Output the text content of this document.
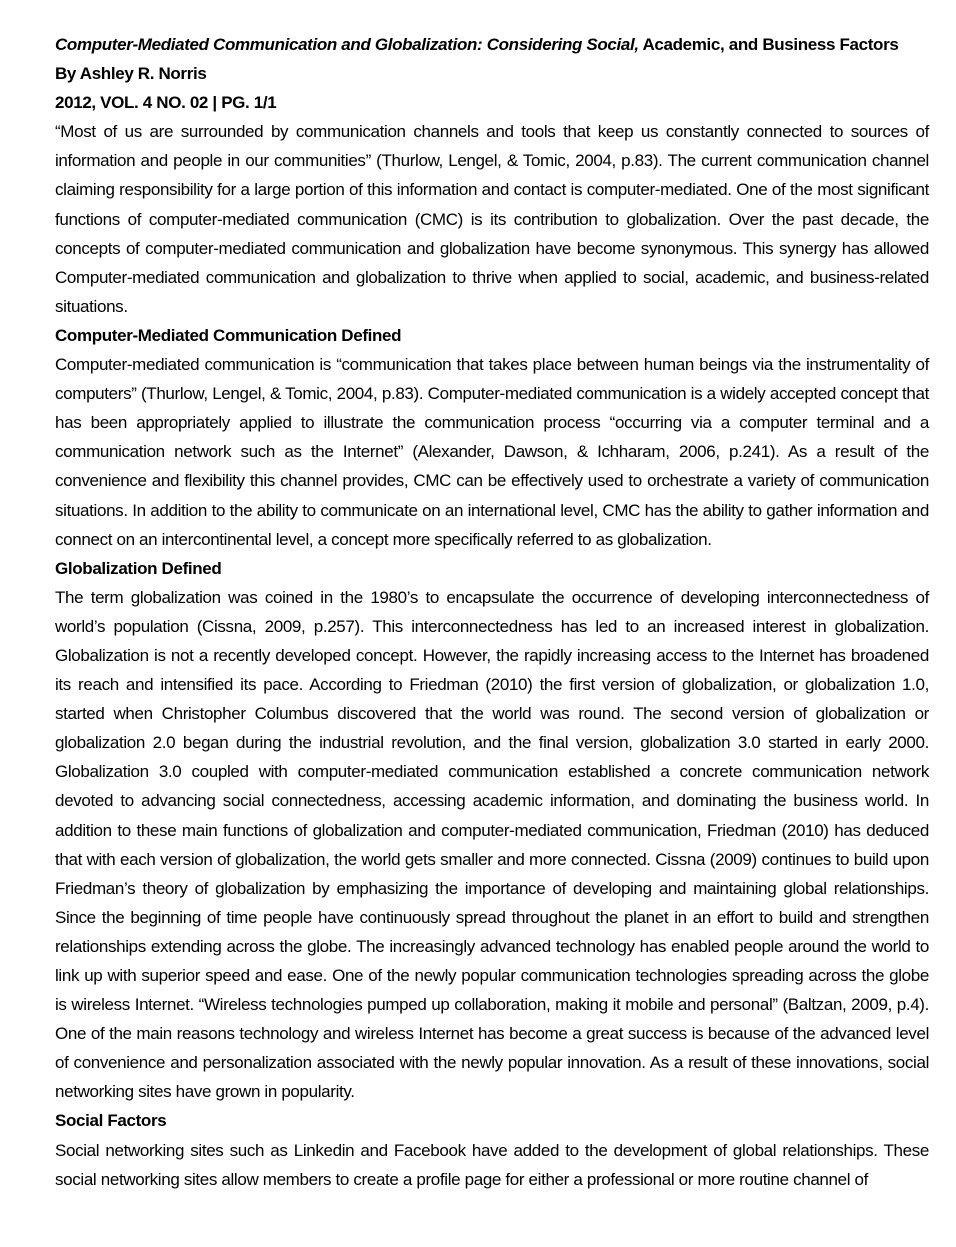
Computer-Mediated Communication and Globalization: Considering Social, Academic, and Business Factors

By Ashley R. Norris

2012, VOL. 4 NO. 02 | PG. 1/1

“Most of us are surrounded by communication channels and tools that keep us constantly connected to sources of information and people in our communities” (Thurlow, Lengel, & Tomic, 2004, p.83). The current communication channel claiming responsibility for a large portion of this information and contact is computer-mediated. One of the most significant functions of computer-mediated communication (CMC) is its contribution to globalization. Over the past decade, the concepts of computer-mediated communication and globalization have become synonymous. This synergy has allowed Computer-mediated communication and globalization to thrive when applied to social, academic, and business-related situations.

Computer-Mediated Communication Defined

Computer-mediated communication is “communication that takes place between human beings via the instrumentality of computers” (Thurlow, Lengel, & Tomic, 2004, p.83). Computer-mediated communication is a widely accepted concept that has been appropriately applied to illustrate the communication process “occurring via a computer terminal and a communication network such as the Internet” (Alexander, Dawson, & Ichharam, 2006, p.241). As a result of the convenience and flexibility this channel provides, CMC can be effectively used to orchestrate a variety of communication situations. In addition to the ability to communicate on an international level, CMC has the ability to gather information and connect on an intercontinental level, a concept more specifically referred to as globalization.

Globalization Defined

The term globalization was coined in the 1980’s to encapsulate the occurrence of developing interconnectedness of world’s population (Cissna, 2009, p.257). This interconnectedness has led to an increased interest in globalization. Globalization is not a recently developed concept. However, the rapidly increasing access to the Internet has broadened its reach and intensified its pace. According to Friedman (2010) the first version of globalization, or globalization 1.0, started when Christopher Columbus discovered that the world was round. The second version of globalization or globalization 2.0 began during the industrial revolution, and the final version, globalization 3.0 started in early 2000. Globalization 3.0 coupled with computer-mediated communication established a concrete communication network devoted to advancing social connectedness, accessing academic information, and dominating the business world. In addition to these main functions of globalization and computer-mediated communication, Friedman (2010) has deduced that with each version of globalization, the world gets smaller and more connected. Cissna (2009) continues to build upon Friedman’s theory of globalization by emphasizing the importance of developing and maintaining global relationships. Since the beginning of time people have continuously spread throughout the planet in an effort to build and strengthen relationships extending across the globe. The increasingly advanced technology has enabled people around the world to link up with superior speed and ease. One of the newly popular communication technologies spreading across the globe is wireless Internet. “Wireless technologies pumped up collaboration, making it mobile and personal” (Baltzan, 2009, p.4). One of the main reasons technology and wireless Internet has become a great success is because of the advanced level of convenience and personalization associated with the newly popular innovation. As a result of these innovations, social networking sites have grown in popularity.

Social Factors

Social networking sites such as Linkedin and Facebook have added to the development of global relationships. These social networking sites allow members to create a profile page for either a professional or more routine channel of
